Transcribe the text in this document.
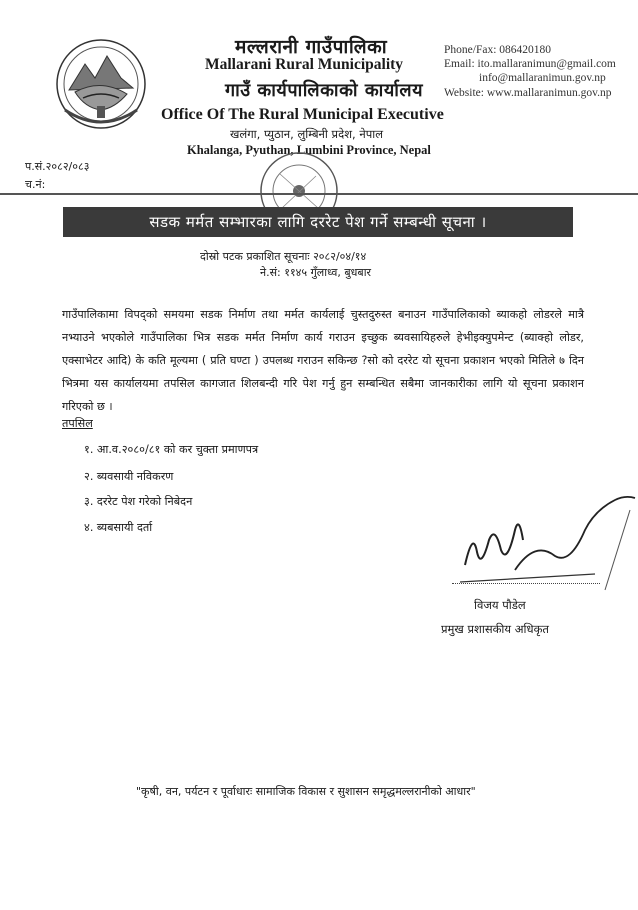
मल्लरानी गाउँपालिका
Mallarani Rural Municipality
गाउँ कार्यपालिकाको कार्यालय
Office Of The Rural Municipal Executive
खलंगा, प्युठान, लुम्बिनी प्रदेश, नेपाल
Khalanga, Pyuthan, Lumbini Province, Nepal
Phone/Fax: 086420180
Email: ito.mallaranimun@gmail.com
info@mallaranimun.gov.np
Website: www.mallaranimun.gov.np
प.सं.२०८२/०८३
च.नं:
सडक मर्मत सम्भारका लागि दररेट पेश गर्ने सम्बन्धी सूचना ।
दोस्रो पटक प्रकाशित सूचनाः २०८२/०४/१४
ने.सं: ११४५ गुँलाध्व, बुधबार
गाउँपालिकामा विपद्को समयमा सडक निर्माण तथा मर्मत कार्यलाई चुस्तदुरुस्त बनाउन गाउँपालिकाको ब्याकहो लोडरले मात्रै नभ्याउने भएकोले गाउँपालिका भित्र सडक मर्मत निर्माण कार्य गराउन इच्छुक ब्यवसायिहरुले हेभीइक्युपमेन्ट (ब्याक्हो लोडर, एक्साभेटर आदि) के कति मूल्यमा ( प्रति घण्टा ) उपलब्ध गराउन सकिन्छ ?सो को दररेट यो सूचना प्रकाशन भएको मितिले ७ दिन भित्रमा यस कार्यालयमा तपसिल कागजात शिलबन्दी गरि पेश गर्नु हुन सम्बन्धित सबैमा जानकारीका लागि यो सूचना प्रकाशन गरिएको छ ।
तपसिल
१. आ.व.२०८०/८१ को कर चुक्ता प्रमाणपत्र
२. ब्यवसायी नविकरण
३. दररेट पेश गरेको निबेदन
४. ब्यबसायी दर्ता
विजय पौडेल
प्रमुख प्रशासकीय अधिकृत
"कृषी, वन, पर्यटन र पूर्वाधारः सामाजिक विकास र सुशासन समृद्धमल्लरानीको आधार"
